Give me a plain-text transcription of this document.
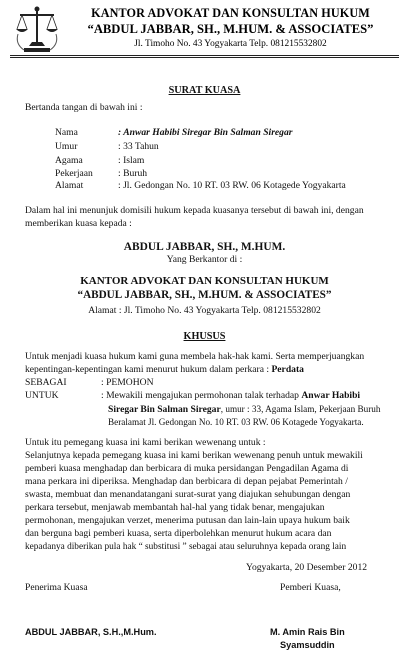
KANTOR ADVOKAT DAN KONSULTAN HUKUM
“ABDUL JABBAR, SH., M.HUM. & ASSOCIATES”
Jl. Timoho No. 43 Yogyakarta Telp. 081215532802
SURAT KUASA
Bertanda tangan di bawah ini :
Nama	: Anwar Habibi Siregar Bin Salman Siregar
Umur	: 33 Tahun
Agama	: Islam
Pekerjaan	: Buruh
Alamat	: Jl. Gedongan No. 10 RT. 03 RW. 06 Kotagede Yogyakarta
Dalam hal ini menunjuk domisili hukum kepada kuasanya tersebut di bawah ini, dengan
memberikan kuasa kepada :
ABDUL JABBAR, SH., M.HUM.
Yang Berkantor di :
KANTOR ADVOKAT DAN KONSULTAN HUKUM
“ABDUL JABBAR, SH., M.HUM. & ASSOCIATES”
Alamat : Jl. Timoho No. 43 Yogyakarta Telp. 081215532802
KHUSUS
Untuk menjadi kuasa hukum kami guna membela hak-hak kami. Serta memperjuangkan
kepentingan-kepentingan kami menurut hukum dalam perkara : Perdata
SEBAGAI	: PEMOHON
UNTUK	: Mewakili mengajukan permohonan talak terhadap Anwar Habibi
Siregar Bin Salman Siregar, umur : 33, Agama Islam, Pekerjaan Buruh
Beralamat Jl. Gedongan No. 10 RT. 03 RW. 06 Kotagede Yogyakarta.
Untuk itu pemegang kuasa ini kami berikan wewenang untuk :
Selanjutnya kepada pemegang kuasa ini kami berikan wewenang penuh untuk mewakili
pemberi kuasa menghadap dan berbicara di muka persidangan Pengadilan Agama di
mana perkara ini diperiksa. Menghadap dan berbicara di depan pejabat Pemerintah /
swasta, membuat dan menandatangani surat-surat yang diajukan sehubungan dengan
perkara tersebut, menjawab membantah hal-hal yang tidak benar, mengajukan
permohonan, mengajukan verzet, menerima putusan dan lain-lain upaya hukum baik
dan berguna bagi pemberi kuasa, serta diperbolehkan menurut hukum acara dan
kepadanya diberikan pula hak “ substitusi ” sebagai atau seluruhnya kepada orang lain
Yogyakarta, 20 Desember 2012
Penerima Kuasa	Pemberi Kuasa,
ABDUL JABBAR, S.H.,M.Hum.	M. Amin Rais Bin
Syamsuddin
